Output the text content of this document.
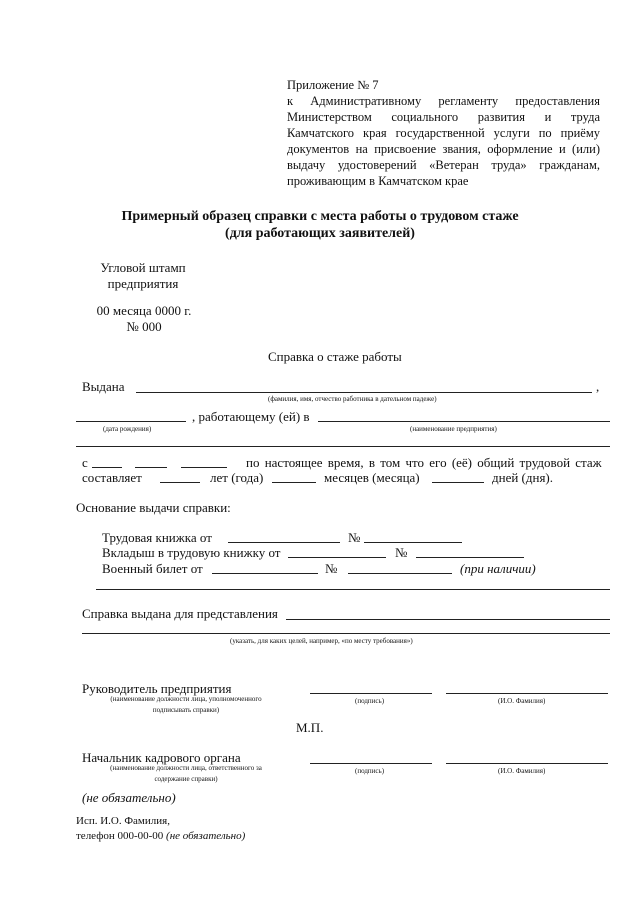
Приложение № 7

к Административному регламенту предоставления

Министерством социального развития и труда

Камчатского края государственной услуги по приёму

документов на присвоение звания, оформление и (или)

выдачу удостоверений «Ветеран труда» гражданам,

проживающим в Камчатском крае

Примерный образец справки с места работы о трудовом стаже
(для работающих заявителей)
Угловой штамп
предприятия
00 месяца 0000 г.
№ 000
Справка о стаже работы
Выдана	,
(фамилия, имя, отчество работника в дательном падеже)
, работающему (ей) в
(дата рождения)	(наименование предприятия)
с	по настоящее время, в том что его (её) общий трудовой стаж
составляет	лет (года)	месяцев (месяца)	дней (дня).
Основание выдачи справки:
Трудовая книжка от	№
Вкладыш в трудовую книжку от	№
Военный билет от	№	(при наличии)
Справка выдана для представления
(указать, для каких целей, например, «по месту требования»)
Руководитель предприятия
(наименование должности лица, уполномоченного
подписывать справки)
(подпись)	(И.О. Фамилия)
М.П.
Начальник кадрового органа
(наименование должности лица, ответственного за
содержание справки)
(подпись)	(И.О. Фамилия)
(не обязательно)
Исп. И.О. Фамилия,
телефон 000-00-00 (не обязательно)
